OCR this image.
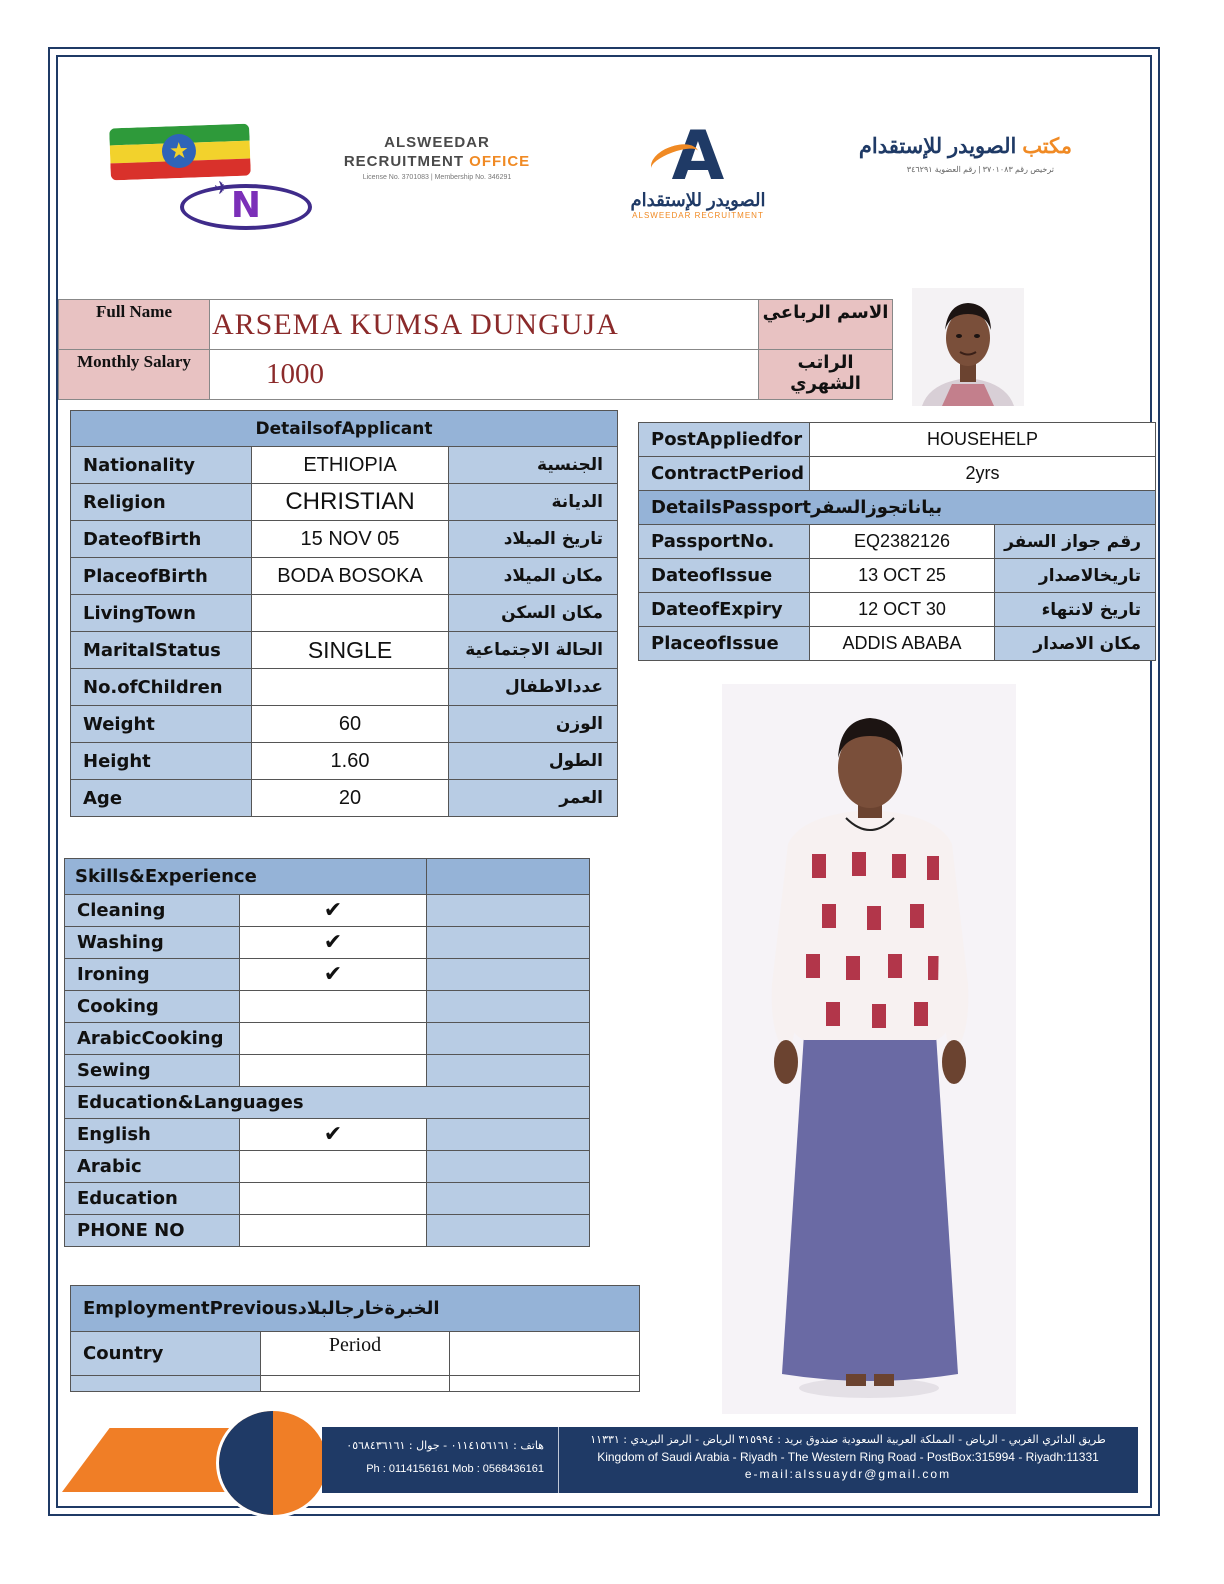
★
✈ N
ALSWEEDAR
RECRUITMENT OFFICE
License No. 3701083 | Membership No. 346291	A
الصويدر للإستقدام
ALSWEEDAR RECRUITMENT
مكتب الصويدر للإستقدام
ترخيص رقم ٣٧٠١٠٨٣ | رقم العضوية ٣٤٦٢٩١
Full Name	ARSEMA KUMSA DUNGUJA	الاسم الرباعي
Monthly Salary	1000	الراتب الشهري
DetailsofApplicant		
Nationality	ETHIOPIA	الجنسية
Religion	CHRISTIAN	الديانة
DateofBirth	15 NOV 05	تاريخ الميلاد
PlaceofBirth	BODA BOSOKA	مكان الميلاد
LivingTown		مكان السكن
MaritalStatus	SINGLE	الحالة الاجتماعية
No.ofChildren		عددالاطفال
Weight	60	الوزن
Height	1.60	الطول
Age	20	العمر
PostAppliedfor	HOUSEHELP	
ContractPeriod	2yrs	
DetailsPassportبياناتجوزالسفر		
PassportNo.	EQ2382126	رقم جواز السفر
DateofIssue	13 OCT 25	تاريخالاصدار
DateofExpiry	12 OCT 30	تاريخ لانتهاء
PlaceofIssue	ADDIS ABABA	مكان الاصدار
Skills&Experience		
Cleaning	✔	
Washing	✔	
Ironing	✔	
Cooking		
ArabicCooking		
Sewing		
Education&Languages		
English	✔	
Arabic		
Education		
PHONE NO		
EmploymentPreviousالخبرةخارجالبلاد		
Country	Period	

هاتف : ٠١١٤١٥٦١٦١ - جوال : ٠٥٦٨٤٣٦١٦١
Ph : 0114156161 Mob : 0568436161
طريق الدائري الغربي - الرياض - المملكة العربية السعودية صندوق بريد : ٣١٥٩٩٤ الرياض - الرمز البريدي : ١١٣٣١
Kingdom of Saudi Arabia - Riyadh - The Western Ring Road - PostBox:315994 - Riyadh:11331
e-mail:alssuaydr@gmail.com
